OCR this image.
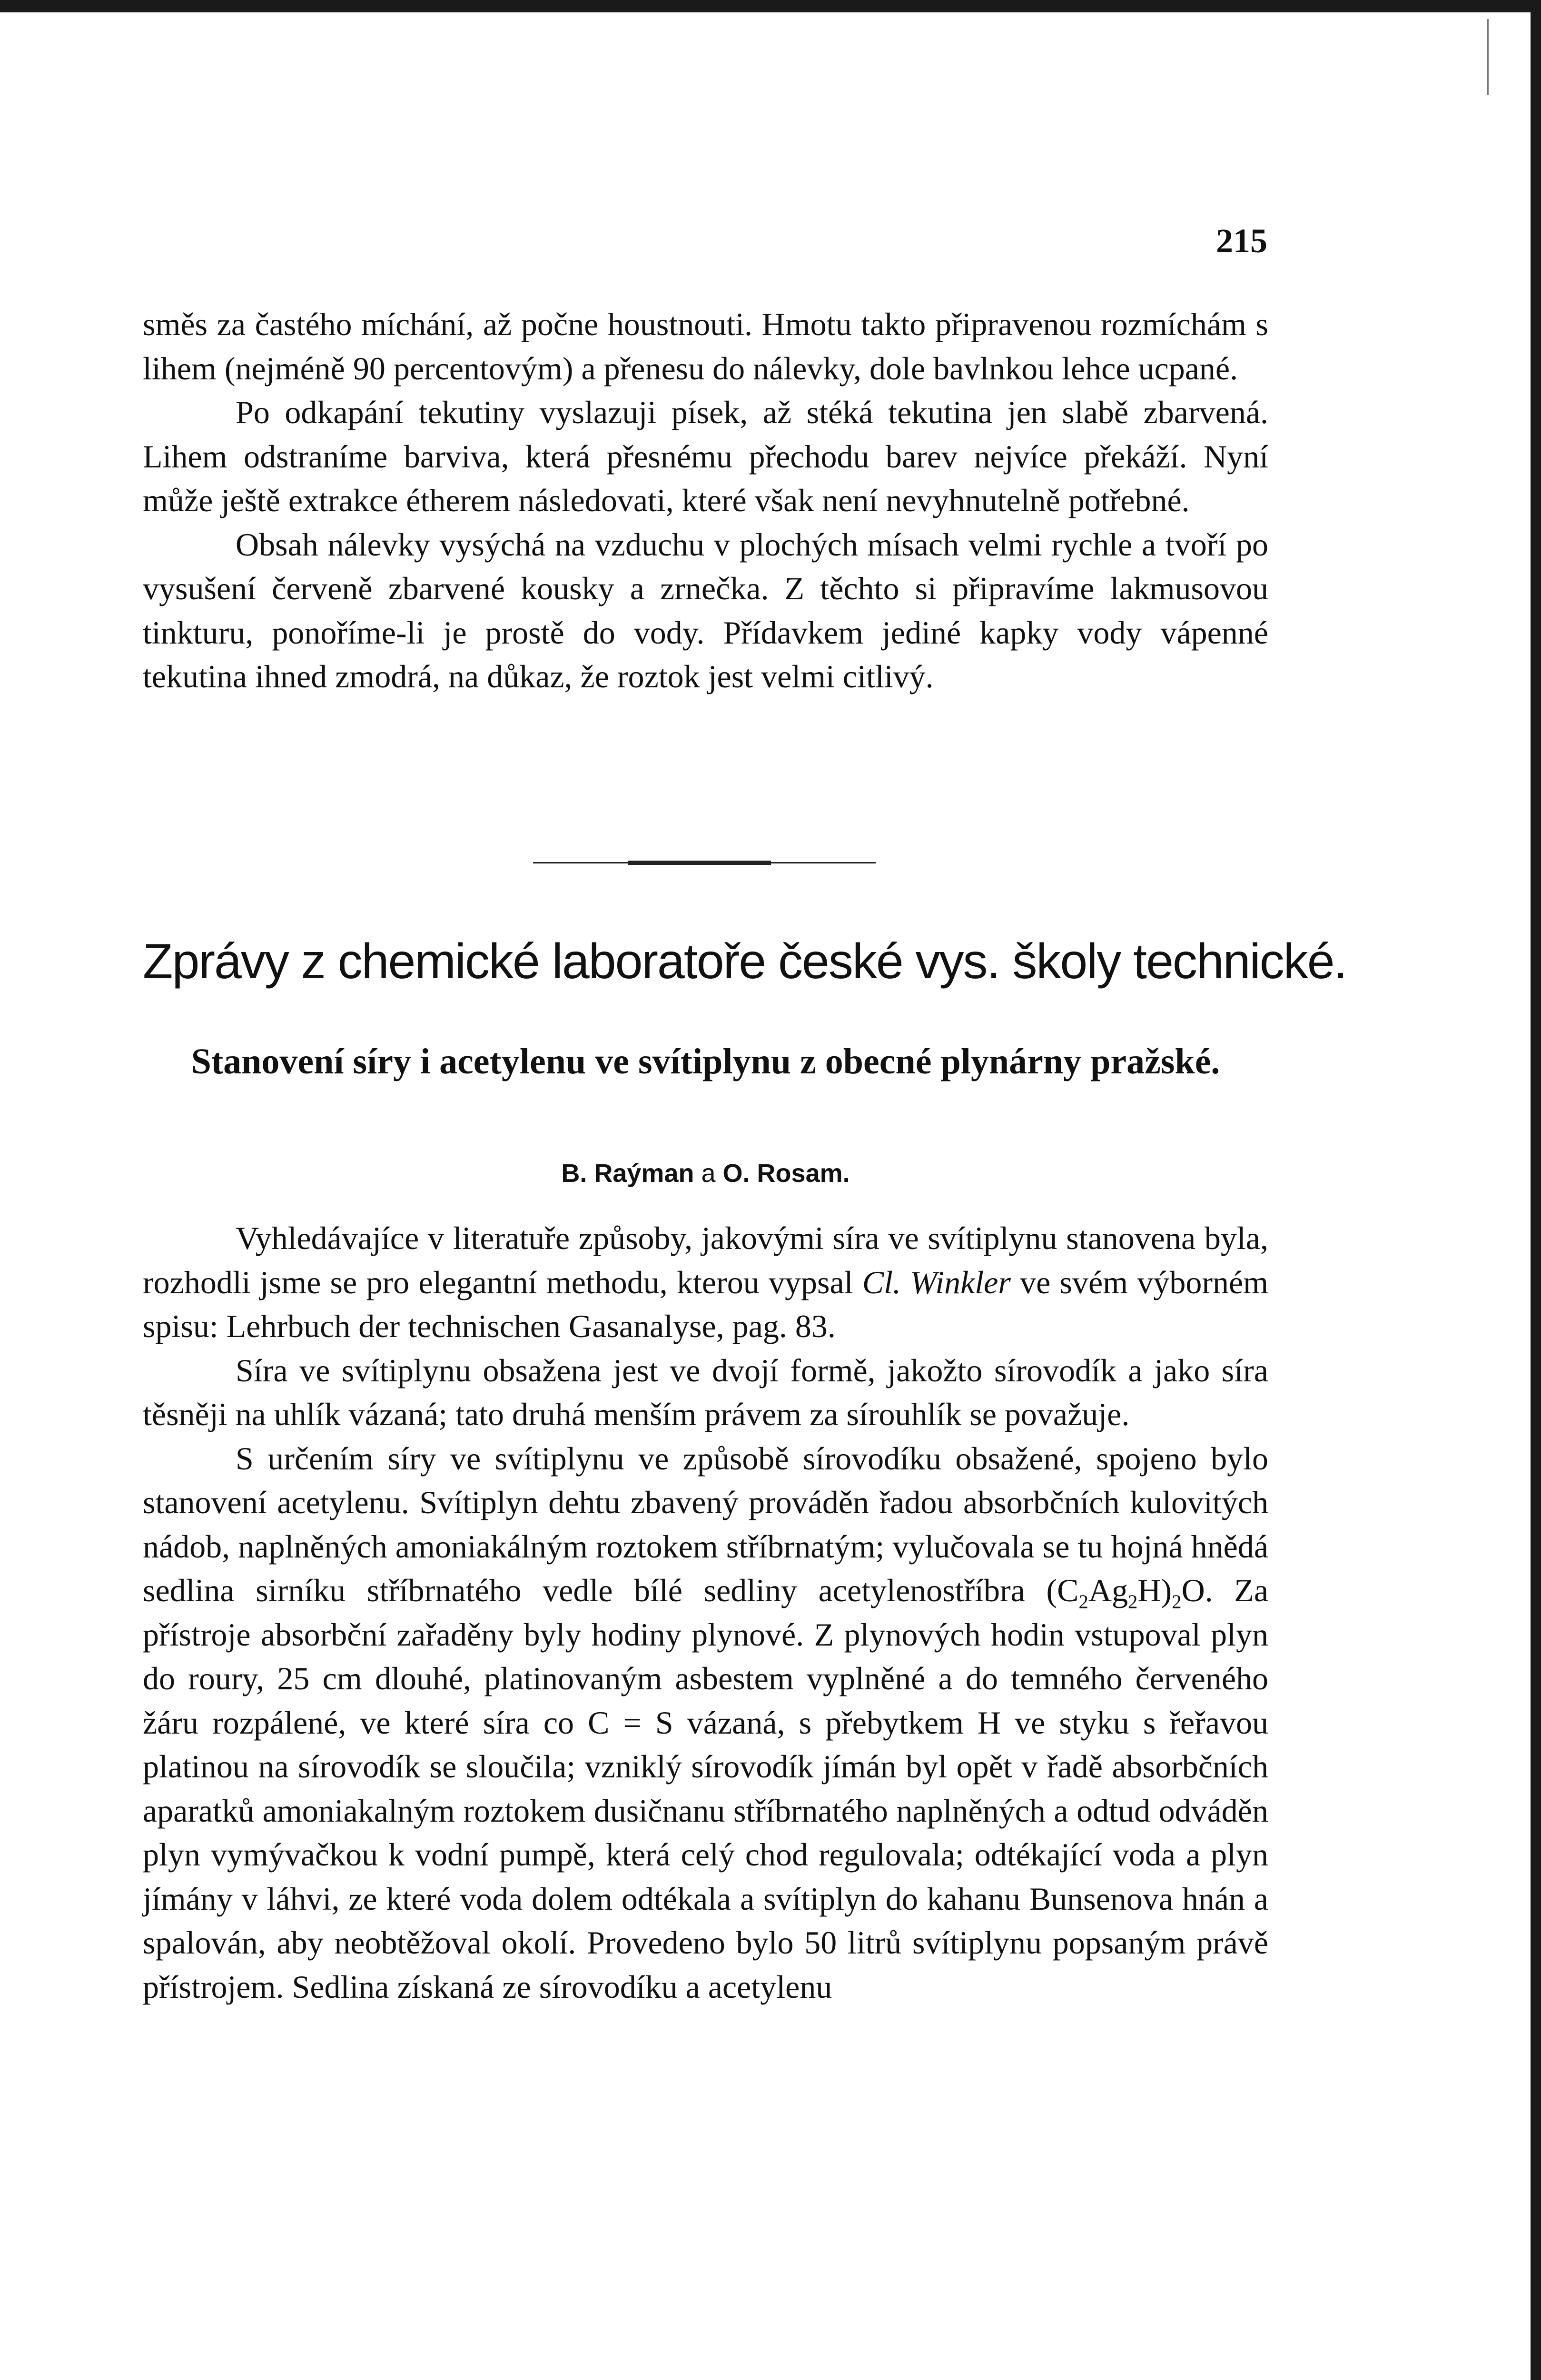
215

směs za častého míchání, až počne houstnouti. Hmotu takto připravenou rozmíchám s lihem (nejméně 90 percentovým) a přenesu do nálevky, dole bavlnkou lehce ucpané.

Po odkapání tekutiny vyslazuji písek, až stéká tekutina jen slabě zbarvená. Lihem odstraníme barviva, která přesnému přechodu barev nejvíce překáží. Nyní může ještě extrakce étherem následovati, které však není nevyhnutelně potřebné.

Obsah nálevky vysýchá na vzduchu v plochých mísach velmi rychle a tvoří po vysušení červeně zbarvené kousky a zrnečka. Z těchto si připravíme lakmusovou tinkturu, ponoříme-li je prostě do vody. Přídavkem jediné kapky vody vápenné tekutina ihned zmodrá, na důkaz, že roztok jest velmi citlivý.

Zprávy z chemické laboratoře české vys. školy technické.
Stanovení síry i acetylenu ve svítiplynu z obecné plynárny pražské.
B. Raýman a O. Rosam.

Vyhledávajíce v literatuře způsoby, jakovými síra ve svítiplynu stanovena byla, rozhodli jsme se pro elegantní methodu, kterou vypsal Cl. Winkler ve svém výborném spisu: Lehrbuch der technischen Gasanalyse, pag. 83.

Síra ve svítiplynu obsažena jest ve dvojí formě, jakožto sírovodík a jako síra těsněji na uhlík vázaná; tato druhá menším právem za sírouhlík se považuje.

S určením síry ve svítiplynu ve způsobě sírovodíku obsažené, spojeno bylo stanovení acetylenu. Svítiplyn dehtu zbavený prováděn řadou absorbčních kulovitých nádob, naplněných amoniakálným roztokem stříbrnatým; vylučovala se tu hojná hnědá sedlina sirníku stříbrnatého vedle bílé sedliny acetylenostříbra $(C_2Ag_2H)_2O$. Za přístroje absorbční zařaděny byly hodiny plynové. Z plynových hodin vstupoval plyn do roury, 25 cm dlouhé, platinovaným asbestem vyplněné a do temného červeného žáru rozpálené, ve které síra co C = S vázaná, s přebytkem H ve styku s řeřavou platinou na sírovodík se sloučila; vzniklý sírovodík jímán byl opět v řadě absorbčních aparatků amoniakalným roztokem dusičnanu stříbrnatého naplněných a odtud odváděn plyn vymývačkou k vodní pumpě, která celý chod regulovala; odtékající voda a plyn jímány v láhvi, ze které voda dolem odtékala a svítiplyn do kahanu Bunsenova hnán a spalován, aby neobtěžoval okolí. Provedeno bylo 50 litrů svítiplynu popsaným právě přístrojem. Sedlina získaná ze sírovodíku a acetylenu
